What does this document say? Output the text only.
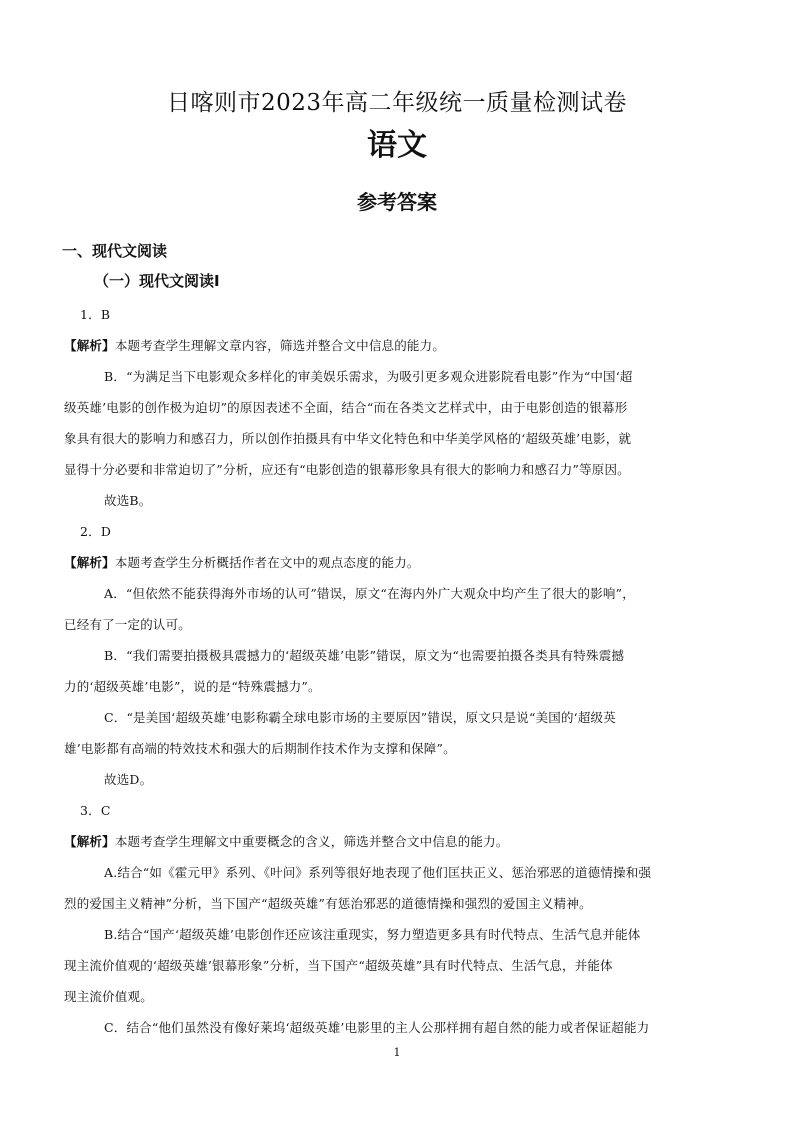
日喀则市2023年高二年级统一质量检测试卷
语文
参考答案
一、现代文阅读
（一）现代文阅读Ⅰ
1．B
【解析】本题考查学生理解文章内容，筛选并整合文中信息的能力。
B．“为满足当下电影观众多样化的审美娱乐需求，为吸引更多观众进影院看电影”作为“中国‘超
级英雄’电影的创作极为迫切”的原因表述不全面，结合“而在各类文艺样式中，由于电影创造的银幕形
象具有很大的影响力和感召力，所以创作拍摄具有中华文化特色和中华美学风格的‘超级英雄’电影，就
显得十分必要和非常迫切了”分析，应还有“电影创造的银幕形象具有很大的影响力和感召力”等原因。
故选B。
2．D
【解析】本题考查学生分析概括作者在文中的观点态度的能力。
A．“但依然不能获得海外市场的认可”错误，原文“在海内外广大观众中均产生了很大的影响”，
已经有了一定的认可。
B．“我们需要拍摄极具震撼力的‘超级英雄’电影”错误，原文为“也需要拍摄各类具有特殊震撼
力的‘超级英雄’电影”，说的是“特殊震撼力”。
C．“是美国‘超级英雄’电影称霸全球电影市场的主要原因”错误，原文只是说“美国的‘超级英
雄’电影都有高端的特效技术和强大的后期制作技术作为支撑和保障”。
故选D。
3．C
【解析】本题考查学生理解文中重要概念的含义，筛选并整合文中信息的能力。
A.结合“如《霍元甲》系列、《叶问》系列等很好地表现了他们匡扶正义、惩治邪恶的道德情操和强
烈的爱国主义精神”分析，当下国产“超级英雄”有惩治邪恶的道德情操和强烈的爱国主义精神。
B.结合“国产‘超级英雄’电影创作还应该注重现实，努力塑造更多具有时代特点、生活气息并能体
现主流价值观的‘超级英雄’银幕形象”分析，当下国产“超级英雄”具有时代特点、生活气息，并能体
现主流价值观。
C．结合“他们虽然没有像好莱坞‘超级英雄’电影里的主人公那样拥有超自然的能力或者保证超能力
1
